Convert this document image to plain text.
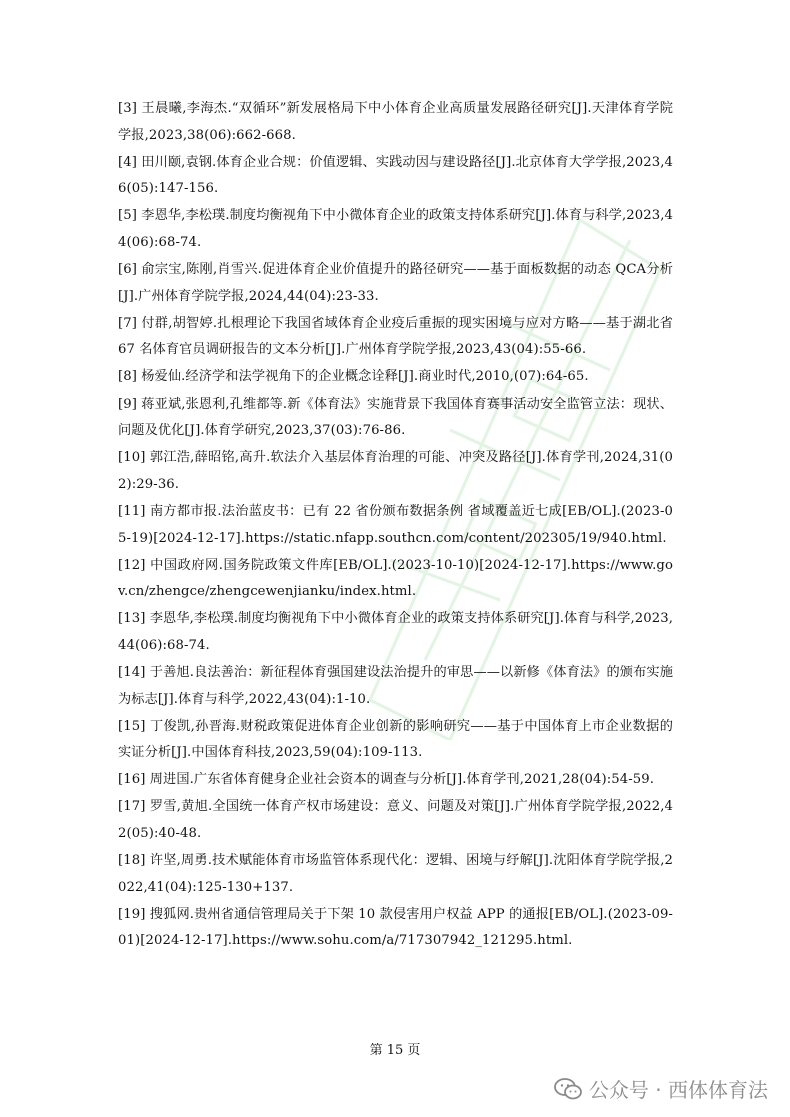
[3] 王晨曦,李海杰.“双循环”新发展格局下中小体育企业高质量发展路径研究[J].天津体育学院学报,2023,38(06):662-668.
[4] 田川颐,袁钢.体育企业合规：价值逻辑、实践动因与建设路径[J].北京体育大学学报,2023,46(05):147-156.
[5] 李恩华,李松璞.制度均衡视角下中小微体育企业的政策支持体系研究[J].体育与科学,2023,44(06):68-74.
[6] 俞宗宝,陈刚,肖雪兴.促进体育企业价值提升的路径研究——基于面板数据的动态 QCA分析[J].广州体育学院学报,2024,44(04):23-33.
[7] 付群,胡智婷.扎根理论下我国省域体育企业疫后重振的现实困境与应对方略——基于湖北省 67 名体育官员调研报告的文本分析[J].广州体育学院学报,2023,43(04):55-66.
[8] 杨爱仙.经济学和法学视角下的企业概念诠释[J].商业时代,2010,(07):64-65.
[9] 蒋亚斌,张恩利,孔维都等.新《体育法》实施背景下我国体育赛事活动安全监管立法：现状、问题及优化[J].体育学研究,2023,37(03):76-86.
[10] 郭江浩,薛昭铭,高升.软法介入基层体育治理的可能、冲突及路径[J].体育学刊,2024,31(02):29-36.
[11] 南方都市报.法治蓝皮书：已有 22 省份颁布数据条例 省域覆盖近七成[EB/OL].(2023-05-19)[2024-12-17].https://static.nfapp.southcn.com/content/202305/19/940.html.
[12] 中国政府网.国务院政策文件库[EB/OL].(2023-10-10)[2024-12-17].https://www.gov.cn/zhengce/zhengcewenjianku/index.html.
[13] 李恩华,李松璞.制度均衡视角下中小微体育企业的政策支持体系研究[J].体育与科学,2023,44(06):68-74.
[14] 于善旭.良法善治：新征程体育强国建设法治提升的审思——以新修《体育法》的颁布实施为标志[J].体育与科学,2022,43(04):1-10.
[15] 丁俊凯,孙晋海.财税政策促进体育企业创新的影响研究——基于中国体育上市企业数据的实证分析[J].中国体育科技,2023,59(04):109-113.
[16] 周进国.广东省体育健身企业社会资本的调查与分析[J].体育学刊,2021,28(04):54-59.
[17] 罗雪,黄旭.全国统一体育产权市场建设：意义、问题及对策[J].广州体育学院学报,2022,42(05):40-48.
[18] 许坚,周勇.技术赋能体育市场监管体系现代化：逻辑、困境与纾解[J].沈阳体育学院学报,2022,41(04):125-130+137.
[19] 搜狐网.贵州省通信管理局关于下架 10 款侵害用户权益 APP 的通报[EB/OL].(2023-09-01)[2024-12-17].https://www.sohu.com/a/717307942_121295.html.
第 15 页
公众号 · 西体体育法
